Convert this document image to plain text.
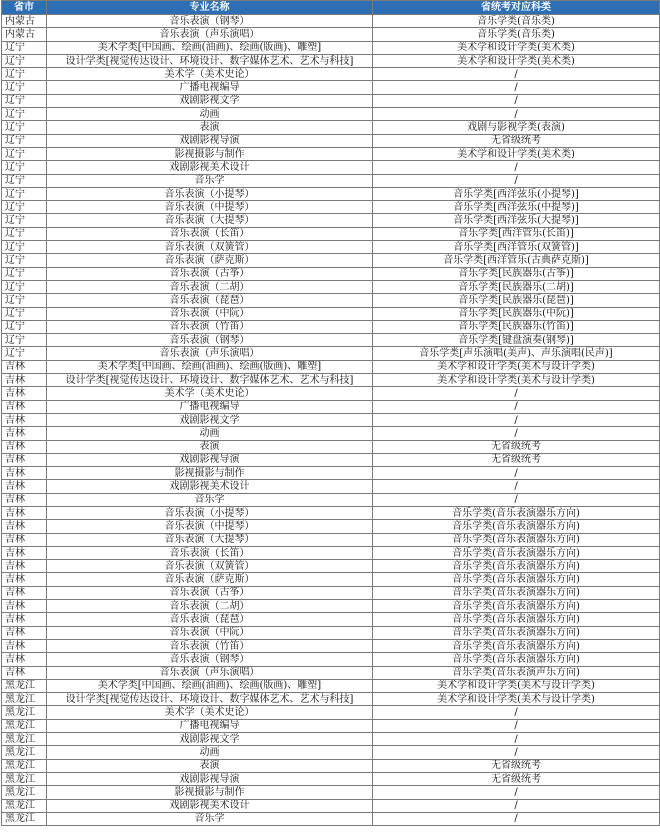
省市	专业名称	省统考对应科类
内蒙古	音乐表演（钢琴）	音乐学类(音乐类)
内蒙古	音乐表演（声乐演唱）	音乐学类(音乐类)
辽宁	美术学类[中国画、绘画(油画)、绘画(版画)、雕塑]	美术学和设计学类(美术类)
辽宁	设计学类[视觉传达设计、环境设计、数字媒体艺术、艺术与科技]	美术学和设计学类(美术类)
辽宁	美术学（美术史论）	/
辽宁	广播电视编导	/
辽宁	戏剧影视文学	/
辽宁	动画	/
辽宁	表演	戏剧与影视学类(表演)
辽宁	戏剧影视导演	无省级统考
辽宁	影视摄影与制作	美术学和设计学类(美术类)
辽宁	戏剧影视美术设计	/
辽宁	音乐学	/
辽宁	音乐表演（小提琴）	音乐学类[西洋弦乐(小提琴)]
辽宁	音乐表演（中提琴）	音乐学类[西洋弦乐(中提琴)]
辽宁	音乐表演（大提琴）	音乐学类[西洋弦乐(大提琴)]
辽宁	音乐表演（长笛）	音乐学类[西洋管乐(长笛)]
辽宁	音乐表演（双簧管）	音乐学类[西洋管乐(双簧管)]
辽宁	音乐表演（萨克斯）	音乐学类[西洋管乐(古典萨克斯)]
辽宁	音乐表演（古筝）	音乐学类[民族器乐(古筝)]
辽宁	音乐表演（二胡）	音乐学类[民族器乐(二胡)]
辽宁	音乐表演（琵琶）	音乐学类[民族器乐(琵琶)]
辽宁	音乐表演（中阮）	音乐学类[民族器乐(中阮)]
辽宁	音乐表演（竹笛）	音乐学类[民族器乐(竹笛)]
辽宁	音乐表演（钢琴）	音乐学类[键盘演奏(钢琴)]
辽宁	音乐表演（声乐演唱）	音乐学类[声乐演唱(美声)、声乐演唱(民声)]
吉林	美术学类[中国画、绘画(油画)、绘画(版画)、雕塑]	美术学和设计学类(美术与设计学类)
吉林	设计学类[视觉传达设计、环境设计、数字媒体艺术、艺术与科技]	美术学和设计学类(美术与设计学类)
吉林	美术学（美术史论）	/
吉林	广播电视编导	/
吉林	戏剧影视文学	/
吉林	动画	/
吉林	表演	无省级统考
吉林	戏剧影视导演	无省级统考
吉林	影视摄影与制作	/
吉林	戏剧影视美术设计	/
吉林	音乐学	/
吉林	音乐表演（小提琴）	音乐学类(音乐表演器乐方向)
吉林	音乐表演（中提琴）	音乐学类(音乐表演器乐方向)
吉林	音乐表演（大提琴）	音乐学类(音乐表演器乐方向)
吉林	音乐表演（长笛）	音乐学类(音乐表演器乐方向)
吉林	音乐表演（双簧管）	音乐学类(音乐表演器乐方向)
吉林	音乐表演（萨克斯）	音乐学类(音乐表演器乐方向)
吉林	音乐表演（古筝）	音乐学类(音乐表演器乐方向)
吉林	音乐表演（二胡）	音乐学类(音乐表演器乐方向)
吉林	音乐表演（琵琶）	音乐学类(音乐表演器乐方向)
吉林	音乐表演（中阮）	音乐学类(音乐表演器乐方向)
吉林	音乐表演（竹笛）	音乐学类(音乐表演器乐方向)
吉林	音乐表演（钢琴）	音乐学类(音乐表演器乐方向)
吉林	音乐表演（声乐演唱）	音乐学类(音乐表演声乐方向)
黑龙江	美术学类[中国画、绘画(油画)、绘画(版画)、雕塑]	美术学和设计学类(美术与设计学类)
黑龙江	设计学类[视觉传达设计、环境设计、数字媒体艺术、艺术与科技]	美术学和设计学类(美术与设计学类)
黑龙江	美术学（美术史论）	/
黑龙江	广播电视编导	/
黑龙江	戏剧影视文学	/
黑龙江	动画	/
黑龙江	表演	无省级统考
黑龙江	戏剧影视导演	无省级统考
黑龙江	影视摄影与制作	/
黑龙江	戏剧影视美术设计	/
黑龙江	音乐学	/
